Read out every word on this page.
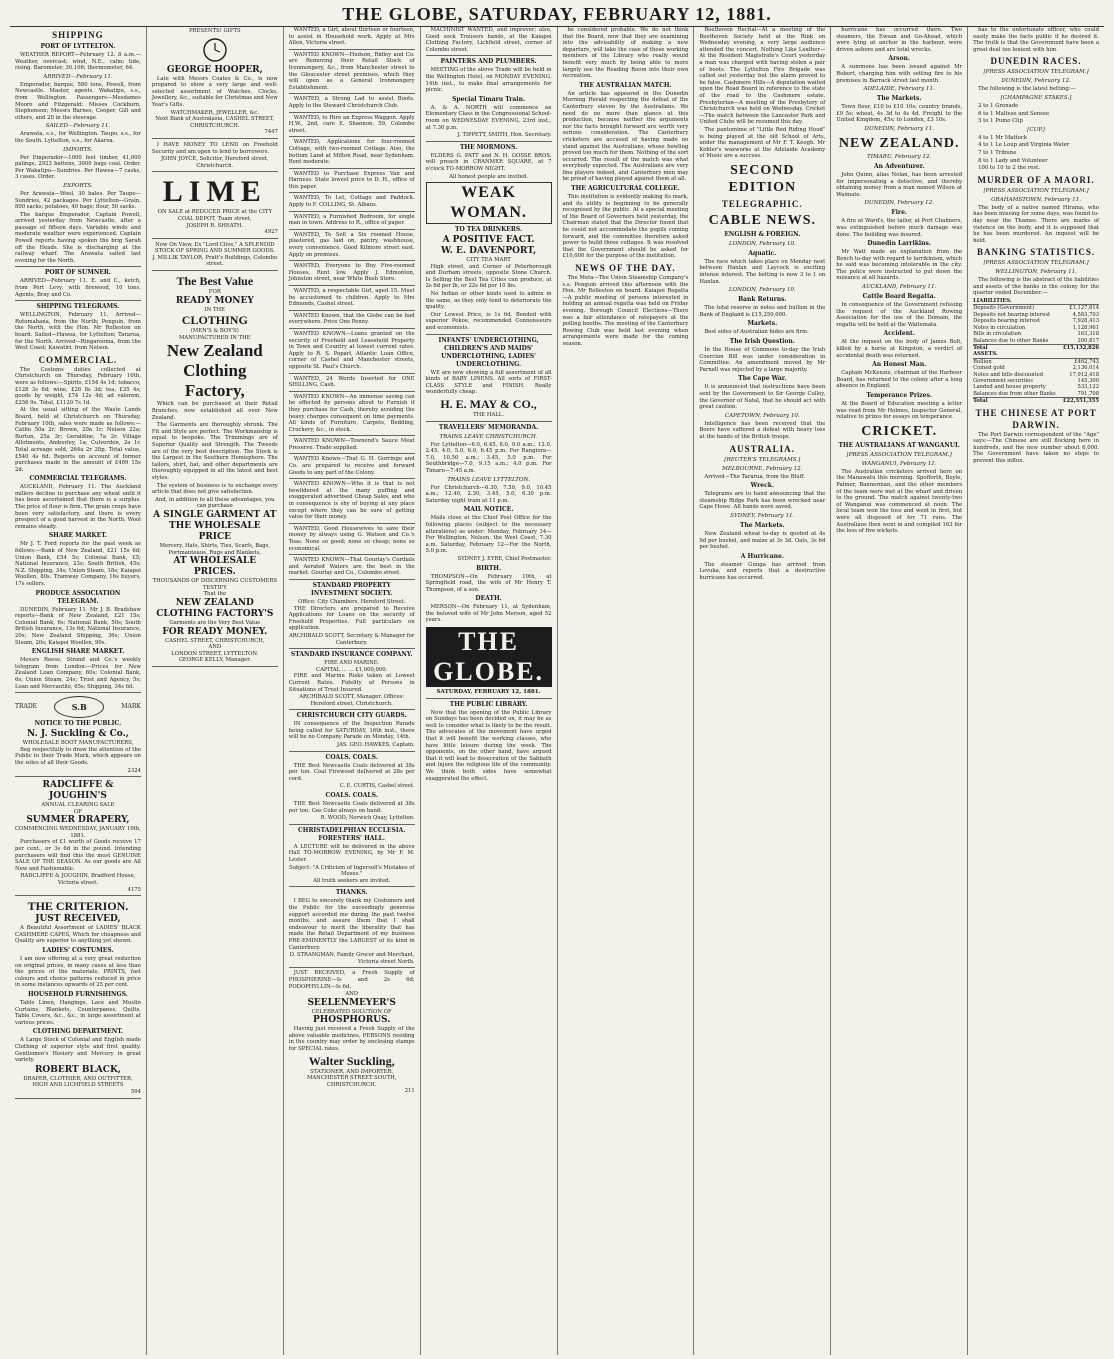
THE GLOBE, SATURDAY, FEBRUARY 12, 1881.
SHIPPING
PORT OF LYTTELTON.
WEATHER REPORT—February 12. 8 a.m.—Weather, overcast; wind, N.E., calm; tide, rising. Barometer, 30.106; thermometer, 64.
ARRIVED—February 11.
Emperador, barque, 580 tons, Powell, from Newcastle. Master, agents. Wakatipu, s.s., from Wellington. Passengers—Mesdames Moore and Fitzgerald; Misses Cockburn, Stephenson; Messrs Barnes, Cooper, Gill and others, and 20 in the steerage.
SAILED—February 11.
Arawata, s.s., for Wellington. Taupo, s.s., for the South. Lyttelton, s.s., for Akaroa.
IMPORTS.
Per Emperador—1000 feet timber, 41,000 palings, 2923 battens, 3000 bags coal. Order. Per Wakatipu—Sundries. Per Hawea—7 casks, 3 cases. Order.
EXPORTS.
Per Arawata—Wool, 30 bales. Per Taupo—Sundries, 42 packages. Per Lyttelton—Grain, 800 sacks; potatoes, 40 bags; flour, 50 sacks.
The barque Emperador, Captain Powell, arrived yesterday from Newcastle, after a passage of fifteen days. Variable winds and moderate weather were experienced. Captain Powell reports having spoken the brig Sarah off the Heads. She is discharging at the railway wharf. The Arawata sailed last evening for the North.
PORT OF SUMNER.
ARRIVED—February 11. E. and C., ketch, from Port Levy, with firewood, 10 tons. Agents, Bray and Co.
SHIPPING TELEGRAMS.
WELLINGTON, February 11. Arrived—Rotomahana, from the North; Penguin, from the North, with the Hon. Mr Rolleston on board. Sailed—Hawea, for Lyttelton; Tararua, for the North. Arrived—Ringarooma, from the West Coast; Kawatiri, from Nelson.
COMMERCIAL.
The Customs duties collected at Christchurch on Thursday, February 10th, were as follows:—Spirits, £154 4s 1d; tobacco, £128 3s 6d; wine, £26 8s 3d; tea, £35 4s; goods by weight, £74 12s 4d; ad valorem, £256 9s. Total, £1120 7s 1d.
At the usual sitting of the Waste Lands Board, held at Christchurch on Thursday, February 10th, sales were made as follows:—Catlin 50a 2r; Brown, 20a 1r; Nelson 22a; Burton, 25a 3r; Geraldine, 7a 2r. Village Allotments, Amberley, 1a; Culverden, 2a 1r. Total acreage sold, 264a 2r 28p. Total value, £540 4s 6d. Reports on account of former purchases made in the amount of £409 15s 2d.
COMMERCIAL TELEGRAMS.
AUCKLAND, February 11. The Auckland millers decline to purchase any wheat until it has been ascertained that there is a surplus. The price of flour is firm. The grain crops have been very satisfactory, and there is every prospect of a good harvest in the North. Wool remains steady.
SHARE MARKET.
Mr J. T. Ford reports for the past week as follows:—Bank of New Zealand, £21 15s 6d; Union Bank, £54 5s; Colonial Bank, £5; National Insurance, 23s; South British, 45s; N.Z. Shipping, 34s; Union Steam, 18s; Kaiapoi Woollen, 80s. Tramway Company, 16s buyers, 17s sellers.
PRODUCE ASSOCIATION TELEGRAM.
DUNEDIN, February 11. Mr J. B. Bradshaw reports—Bank of New Zealand, £21 15s; Colonial Bank, 6s; National Bank, 50s; South British Insurance, 13s 6d; National Insurance, 20s; New Zealand Shipping, 36s; Union Steam, 20s; Kaiapoi Woollen, 90s.
ENGLISH SHARE MARKET.
Messrs Reese, Strand and Co.'s weekly telegram from London:—Prices for New Zealand Loan Company, 60s; Colonial Bank, 6s; Union Steam, 24s; Trust and Agency, 5s; Loan and Mercantile, 65s; Shipping, 34s 6d.
TRADE	S.B	MARK
NOTICE TO THE PUBLIC.
N. J. Suckling & Co.,
WHOLESALE BOOT MANUFACTURERS,
Beg respectfully to draw the attention of the Public to their Trade Mark, which appears on the soles of all their Goods.
2324
RADCLIFFE & JOUGHIN'S
ANNUAL CLEARING SALE
OF
SUMMER DRAPERY,
COMMENCING WEDNESDAY, JANUARY 19th, 1881.
Purchasers of £1 worth of Goods receive 17 per cent., or 3s 6d in the pound. Intending purchasers will find this the most GENUINE SALE OF THE SEASON. As our goods are All New and Fashionable.
RADCLIFFE & JOUGHIN, Bradford House, Victoria street.
4175
THE CRITERION.
JUST RECEIVED,
A Beautiful Assortment of LADIES' BLACK CASHMERE CAPES, Which for cheapness and Quality are superior to anything yet shown.
LADIES' COSTUMES.
I am now offering at a very great reduction on original prices, in many cases at less than the prices of the materials. PRINTS, fast colours and choice patterns reduced in price in some instances upwards of 25 per cent.
HOUSEHOLD FURNISHINGS.
Table Linen, Hangings, Lace and Muslin Curtains, Blankets, Counterpanes, Quilts, Table Covers, &c., &c., in large assortment at various prices.
CLOTHING DEPARTMENT.
A Large Stock of Colonial and English made Clothing of superior style and first quality. Gentlemen's Hosiery and Mercery in great variety.
ROBERT BLACK,
DRAPER, CLOTHIER, AND OUTFITTER,
HIGH AND LICHFIELD STREETS
504
PRESENTS! GIFTS
GEORGE HOOPER,
Late with Messrs Coates & Co., is now prepared to show a very large and well-selected assortment of Watches, Clocks, Jewellery, &c., suitable for Christmas and New Year's Gifts.
WATCHMAKER, JEWELLER, &c.
Next Bank of Australasia, CASHEL STREET, CHRISTCHURCH.
7447
I HAVE MONEY TO LEND on Freehold Security and am open to lend to borrowers.
JOHN JOYCE, Solicitor, Hereford street, Christchurch.
LIME
ON SALE at REDUCED PRICE at the CITY COAL DEPOT, Tuam street,
JOSEPH R. SHEATH.
4927
Now On View, Ex "Lord Clive," A SPLENDID STOCK OF SPRING AND SUMMER GOODS.
J. MILLIK TAYLOR, Pratt's Buildings, Colombo street.
The Best Value
FOR
READY MONEY
IN THE
CLOTHING
(MEN'S & BOY'S)
MANUFACTURED IN THE
New Zealand Clothing Factory,
Which can be purchased at their Retail Branches, now established all over New Zealand.
The Garments are thoroughly shrunk. The Fit and Style are perfect. The Workmanship is equal to bespoke. The Trimmings are of Superior Quality and Strength. The Tweeds are of the very best description. The Stock is the Largest in the Southern Hemisphere. The tailors, shirt, hat, and other departments are thoroughly equipped in all the latest and best styles.
The system of business is to exchange every article that does not give satisfaction.
And, in addition to all these advantages, you can purchase
A SINGLE GARMENT AT THE WHOLESALE PRICE
Mercery, Hats, Shirts, Ties, Scarfs, Bags, Portmanteaus, Rugs and Blankets,
AT WHOLESALE PRICES.
THOUSANDS OF DISCERNING CUSTOMERS TESTIFY
That the
NEW ZEALAND CLOTHING FACTORY'S
Garments are the Very Best Value
FOR READY MONEY.
CASHEL STREET, CHRISTCHURCH,
AND
LONDON STREET, LYTTELTON.
GEORGE KELLY, Manager.
WANTED, a Girl, about thirteen or fourteen, to assist in Household work. Apply at Mrs Allen, Victoria street.
WANTED KNOWN—Hudson, Ridley and Co. are Removing their Retail Stock of Ironmongery, &c., from Manchester street to the Gloucester street premises, which they will open as a General Ironmongery Establishment.
WANTED, a Strong Lad to assist Boots. Apply to the Steward Christchurch Club.
WANTED, to Hire an Express Waggon. Apply H.W., 2nd, care E. Shannon, 59, Colombo street.
WANTED, Applications for four-roomed Cottage, with two-roomed Cottage. Also, the bottom Land at Milton Road, near Sydenham. Rent moderate.
WANTED to Purchase Express Van and Harness. State lowest price to D. H., office of this paper.
WANTED, To Let, Cottage and Paddock. Apply to F. COLLING, St. Albans.
WANTED, a Furnished Bedroom, for single man in town. Address to R., office of paper.
WANTED, To Sell a Six roomed House, plastered, gas laid on, pantry, washhouse, every convenience. Good Kilmore street east. Apply on premises.
WANTED, Everyone to Buy Five-roomed Houses, Rent low. Apply J. Edmonton, Johnston street, near White Bush Store.
WANTED, a respectable Girl, aged 15. Must be accustomed to children. Apply to Mrs Edmonds, Cashel street.
WANTED Known, that the Globe can be had everywhere. Price One Penny.
WANTED KNOWN—Loans granted on the security of Freehold and Leasehold Property in Town and Country at lowest current rates. Apply to R. S. Paparl, Atlantic Loan Office, corner of Cashel and Manchester streets, opposite St. Paul's Church.
WANTED, 24 Words Inserted for ONE SHILLING, Cash.
WANTED KNOWN—An immense saving can be effected by persons about to Furnish if they purchase for Cash, thereby avoiding the heavy charges consequent on time payments. All kinds of Furniture, Carpets, Bedding, Crockery, &c., in stock.
WANTED KNOWN—Townend's Sauce Meat Preserve. Trade supplied.
WANTED Known—That G. H. Gorringe and Co. are prepared to receive and forward Goods to any part of the Colony.
WANTED KNOWN—Who it is that is not bewildered at the many puffing and exaggerated advertised Cheap Sales, and who in consequence is shy of buying at any place except where they can be sure of getting value for their money.
WANTED, Good Housewives to save their money by always using G. Watson and Co.'s Teas. None so good; none so cheap; none so economical.
WANTED KNOWN—That Gourlay's Cordials and Aerated Waters are the best in the market. Gourlay and Co., Colombo street.
STANDARD PROPERTY INVESTMENT SOCIETY.
Office: City Chambers, Hereford Street.
THE Directors are prepared to Receive Applications for Loans on the security of Freehold Properties. Full particulars on application.
ARCHIBALD SCOTT, Secretary & Manager for Canterbury.
STANDARD INSURANCE COMPANY.
FIRE AND MARINE.
CAPITAL ... ... £1,000,000.
FIRE and Marine Risks taken at Lowest Current Rates. Fidelity of Persons in Situations of Trust Insured.
ARCHIBALD SCOTT, Manager. Offices: Hereford street, Christchurch.
CHRISTCHURCH CITY GUARDS.
IN consequence of the Inspection Parade being called for SATURDAY, 16th inst., there will be no Company Parade on Monday, 14th.
JAS. GEO. HAWKES, Captain.
COALS. COALS.
THE Best Newcastle Coals delivered at 38s per ton. Coal Firewood delivered at 28s per cord.
C. E. CURTIS, Cashel street.
COALS. COALS.
THE Best Newcastle Coals delivered at 38s per ton. Gas Coke always on hand.
R. WOOD, Norwich Quay, Lyttelton.
CHRISTADELPHIAN ECCLESIA. FORESTERS' HALL.
A LECTURE will be delivered in the above Hall TO-MORROW EVENING, by Mr F. M. Lester.
Subject: "A Criticism of Ingersoll's Mistakes of Moses."
All truth seekers are invited.
THANKS.
I BEG to sincerely thank my Customers and the Public for the exceedingly generous support accorded me during the past twelve months, and assure them that I shall endeavour to merit the liberality that has made the Retail Department of my business PRE-EMINENTLY the LARGEST of its kind in Canterbury.
D. STRANGMAN, Family Grocer and Merchant, Victoria street North.
JUST RECEIVED, a Fresh Supply of PHOSPHERINE—Is and 2s 6d; PODOPHYLLIN—Is 6d.
AND
SEELENMEYER'S
CELEBRATED SOLUTION OF
PHOSPHORUS.
Having just received a Fresh Supply of the above valuable medicines, PERSONS residing in the country may order by enclosing stamps for SPECIAL rates.
Walter Suckling,
STATIONER, AND IMPORTER,
MANCHESTER STREET SOUTH, CHRISTCHURCH.
211
MACHINIST WANTED, and improver; also, Good sock Trousers hands, at the Kaiapoi Clothing Factory, Lichfield street, corner of Colombo street.
PAINTERS AND PLUMBERS.
MEETING of the above Trade will be held in the Wellington Hotel, on MONDAY EVENING, 14th inst., to make final arrangements for picnic.
Special Timaru Train.
A. & A. NORTH will commence an Elementary Class in the Congressional School-room on WEDNESDAY EVENING, 23rd inst., at 7.30 p.m.
J. TIPPETT, SMITH, Hon. Secretary.
THE MORMONS.
ELDERS G. PATT and N. H. GOSSE BROS. will preach in CRANMER SQUARE, at 7 o'clock TO-MORROW NIGHT.
All honest people are invited.
WEAK WOMAN.
TO TEA DRINKERS.
A POSITIVE FACT.
W. E. DAVENPORT,
CITY TEA MART
High street, and Corner of Peterborough and Durham streets, opposite Stone Church, Is Selling the Best Tea Cities can produce, at 2s 6d per lb, or 22s 6d per 10 lbs.
No Indian or other kinds used to admix in the same, as they only tend to deteriorate the quality.
Our Lowest Price, is 1s 6d. Bended with superior Pekoe, recommended Connoisseurs and economists.
INFANTS' UNDERCLOTHING, CHILDREN'S AND MAIDS' UNDERCLOTHING, LADIES' UNDERCLOTHING.
WE are now showing a full assortment of all kinds of BABY LINENS. All sorts of FIRST-CLASS STYLE and FINISH. Really wonderfully cheap.
H. E. MAY & CO.,
THE HALL.
TRAVELLERS' MEMORANDA.
TRAINS LEAVE CHRISTCHURCH.
For Lyttelton—6.0, 6.45, 8.0, 9.0 a.m.; 12.0, 2.45, 4.0, 5.0, 6.0, 6.45 p.m. For Rangiora—7.0, 10.50 a.m.; 3.45, 5.0 p.m. For Southbridge—7.0, 9.15 a.m.; 4.0 p.m. For Timaru—7.45 a.m.
TRAINS LEAVE LYTTELTON.
For Christchurch—6.30, 7.50, 9.0, 10.45 a.m.; 12.40, 2.30, 3.45, 5.0, 6.30 p.m. Saturday night train at 11 p.m.
MAIL NOTICE.
Mails close at the Chief Post Office for the following places (subject to the necessary alterations) as under: Monday, February 14—For Wellington, Nelson, the West Coast, 7.30 a.m. Saturday, February 12—For the North, 5.0 p.m.
SYDNEY J. EYRE, Chief Postmaster.
BIRTH.
THOMPSON—On February 10th, at Springfield road, the wife of Mr Henry T. Thompson, of a son.
DEATH.
MERSON—On February 11, at Sydenham, the beloved wife of Mr John Merson, aged 52 years.
THE GLOBE.
SATURDAY, FEBRUARY 12, 1881.
THE PUBLIC LIBRARY.
Now that the opening of the Public Library on Sundays has been decided on, it may be as well to consider what is likely to be the result. The advocates of the movement have urged that it will benefit the working classes, who have little leisure during the week. The opponents, on the other hand, have argued that it will lead to desecration of the Sabbath and injure the religious life of the community. We think both sides have somewhat exaggerated the effect.
be considered probable. We do not think that the Board, now that they are examining into the advisability of making a new departure, will take the case of those working members of the Library who really would benefit very much by being able to more largely use the Reading Room into their own recreation.
THE AUSTRALIAN MATCH.
An article has appeared in the Dunedin Morning Herald respecting the defeat of the Canterbury eleven by the Australians. We need do no more than glance at this production, because neither the arguments nor the facts brought forward are worth very serious consideration. The Canterbury cricketers are accused of having made no stand against the Australians, whose bowling proved too much for them. Nothing of the sort occurred. The result of the match was what everybody expected. The Australians are very fine players indeed, and Canterbury men may be proud of having played against them at all.
THE AGRICULTURAL COLLEGE.
This institution is evidently making its mark, and its utility is beginning to be generally recognised by the public. At a special meeting of the Board of Governors held yesterday, the Chairman stated that the Director found that he could not accommodate the pupils coming forward, and the committee therefore asked power to build three cottages. It was resolved that the Government should be asked for £10,000 for the purpose of the institution.
NEWS OF THE DAY.
The Meta—The Union Steamship Company's s.s. Penguin arrived this afternoon with the Hon. Mr Rolleston on board. Kaiapoi Regatta—A public meeting of persons interested in holding an annual regatta was held on Friday evening. Borough Council Elections—There was a fair attendance of ratepayers at the polling booths. The meeting of the Canterbury Rowing Club was held last evening when arrangements were made for the coming season.
Beethoven Recital—At a meeting of the Beethoven Society held at the Rink on Wednesday evening, a very large audience attended the concert. Nothing Like Leather—At the Resident Magistrate's Court yesterday a man was charged with having stolen a pair of boots. The Lyttelton Fire Brigade was called out yesterday but the alarm proved to be false. Cashmere Hills—A deputation waited upon the Road Board in reference to the state of the road to the Cashmere estate. Presbyterian—A meeting of the Presbytery of Christchurch was held on Wednesday. Cricket—The match between the Lancaster Park and United Clubs will be resumed this day.
The pantomime of "Little Red Riding Hood" is being played at the old School of Arts, under the management of Mr F. T. Keogh. Mr Kohler's waxworks at the Adelaide Academy of Music are a success.
SECOND EDITION
TELEGRAPHIC.
CABLE NEWS.
ENGLISH & FOREIGN.
LONDON, February 10.
Aquatic.
The race which takes place on Monday next between Hanlan and Laycock is exciting intense interest. The betting is now 3 to 1 on Hanlan.
LONDON, February 10.
Bank Returns.
The total reserve in notes and bullion in the Bank of England is £15,250,000.
Markets.
Best sides of Australian hides are firm.
The Irish Question.
In the House of Commons to-day the Irish Coercion Bill was under consideration in Committee. An amendment moved by Mr Parnell was rejected by a large majority.
The Cape War.
It is announced that instructions have been sent by the Government to Sir George Colley, the Governor of Natal, that he should act with great caution.
CAPETOWN, February 10.
Intelligence has been received that the Boers have suffered a defeat with heavy loss at the hands of the British troops.
AUSTRALIA.
[REUTER'S TELEGRAMS.]
MELBOURNE, February 12.
Arrived—The Tararua, from the Bluff.
Wreck.
Telegrams are to hand announcing that the steamship Ridge Park has been wrecked near Cape Howe. All hands were saved.
SYDNEY, February 11.
The Markets.
New Zealand wheat to-day is quoted at 4s 9d per bushel, and maize at 3s 3d. Oats, 3s 6d per bushel.
A Hurricane.
The steamer Gunga has arrived from Levuka, and reports that a destructive hurricane has occurred.
hurricane has occurred there. Two steamers, the Ewsan and Go-Ahead, which were lying at anchor in the harbour, were driven ashore and are total wrecks.
Arson.
A summons has been issued against Mr Robert, charging him with setting fire to his premises in Barrack street last month.
ADELAIDE, February 11.
The Markets.
Town flour, £10 to £10 10s; country brands, £9 5s; wheat, 4s 3d to 4s 4d. Freight to the United Kingdom, 45s; to London, £3 10s.
DUNEDIN, February 11.
NEW ZEALAND.
TIMARU, February 12.
An Adventurer.
John Quinn, alias Nolan, has been arrested for impersonating a detective, and thereby obtaining money from a man named Wilson at Waimate.
DUNEDIN, February 12.
Fire.
A fire at Ward's, the tailor, at Port Chalmers, was extinguished before much damage was done. The building was insured.
Dunedin Larrikins.
Mr Watt made an explanation from the Bench to-day with regard to larrikinism, which he said was becoming intolerable in the city. The police were instructed to put down the nuisance at all hazards.
AUCKLAND, February 11.
Cattle Board Regatta.
In consequence of the Government refusing the request of the Auckland Rowing Association for the use of the Domain, the regatta will be held at the Waitemata.
Accident.
At the inquest on the body of James Bolt, killed by a horse at Kingston, a verdict of accidental death was returned.
An Honest Man.
Captain McKenzie, chairman of the Harbour Board, has returned to the colony after a long absence in England.
Temperance Prizes.
At the Board of Education meeting a letter was read from Mr Holmes, Inspector General, relative to prizes for essays on temperance.
CRICKET.
THE AUSTRALIANS AT WANGANUI.
[PRESS ASSOCIATION TELEGRAM.]
WANGANUI, February 11.
The Australian cricketers arrived here on the Manawatu this morning. Spofforth, Boyle, Palmer, Bannerman, and the other members of the team were met at the wharf and driven to the ground. The match against twenty-two of Wanganui was commenced at noon. The local team won the toss and went in first, but were all disposed of for 71 runs. The Australians then went in and compiled 163 for the loss of five wickets.
has to the unfortunate officer, who could easily make the facts public if he desired it. The truth is that the Government have been a great deal too lenient with him.
DUNEDIN RACES.
[PRESS ASSOCIATION TELEGRAM.]
DUNEDIN, February 12.
The following is the latest betting:—
[CHAMPAGNE STAKES.]
2 to 1 Grenade
6 to 1 Maltese and Sensee
5 to 1 Pumo Clip
[CUP.]
4 to 1 Mr Mattock
4 to 1 Le Loup and Virginia Water
7 to 1 Tribune
8 to 1 Lady and Volunteer
100 to 10 to 2 the rest.
MURDER OF A MAORI.
[PRESS ASSOCIATION TELEGRAM.]
GRAHAMSTOWN, February 11.
The body of a native named Hirama, who has been missing for some days, was found to-day near the Thames. There are marks of violence on the body, and it is supposed that he has been murdered. An inquest will be held.
BANKING STATISTICS.
[PRESS ASSOCIATION TELEGRAM.]
WELLINGTON, February 11.
The following is the abstract of the liabilities and assets of the banks in the colony for the quarter ended December:—
LIABILITIES.	
Deposits (Government)	£1,127,614
Deposits not bearing interest	4,583,703
Deposits bearing interest	7,928,413
Notes in circulation	1,128,961
Bills in circulation	163,318
Balances due to other Banks	200,817
Total	£15,132,826
ASSETS.	
Bullion	£462,743
Coined gold	2,136,014
Notes and bills discounted	17,912,418
Government securities	145,300
Landed and house property	533,122
Balances due from other Banks	791,708
Total	£22,551,355
THE CHINESE AT PORT DARWIN.
The Port Darwin correspondent of the "Age" says:—The Chinese are still flocking here in hundreds, and the new number about 6,000. The Government have taken no steps to prevent this influx.
